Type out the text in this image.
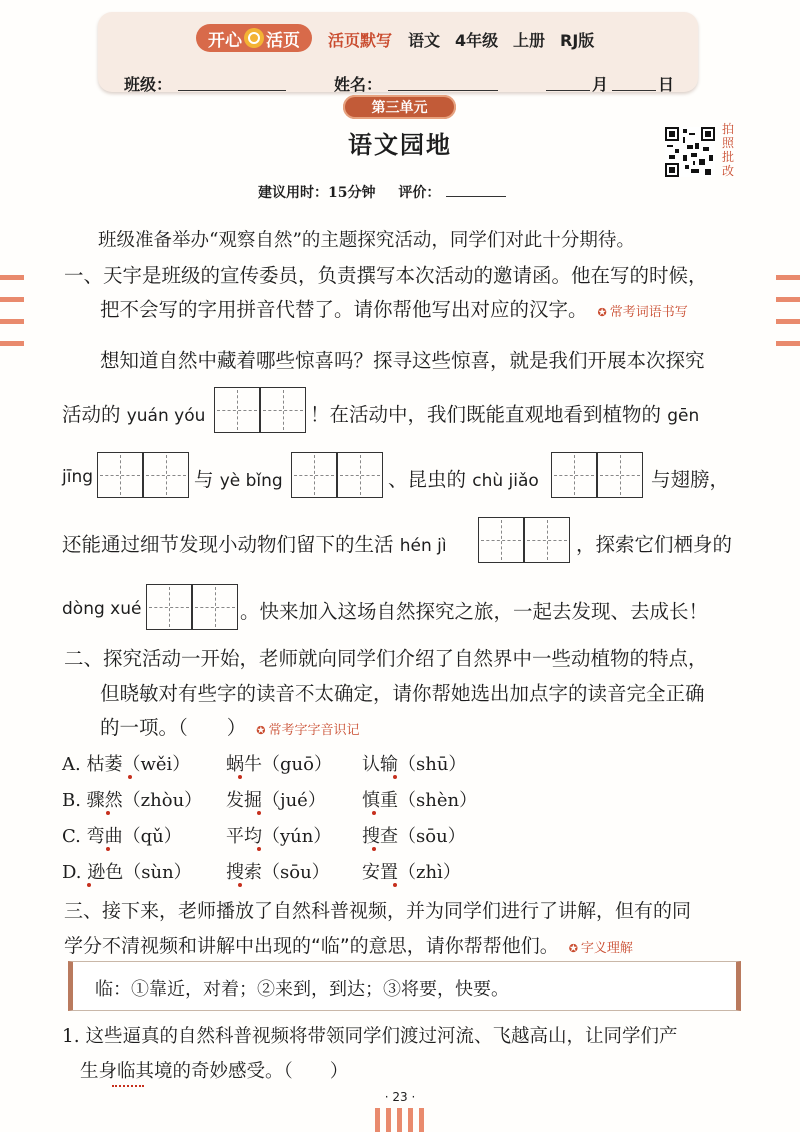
开心 活页 活页默写 语文 4年级 上册 RJ版
班级：	姓名：	月	日
第三单元
语文园地
拍照批改
建议用时：15分钟 评价：
班级准备举办“观察自然”的主题探究活动，同学们对此十分期待。
一、天宇是班级的宣传委员，负责撰写本次活动的邀请函。他在写的时候，
把不会写的字用拼音代替了。请你帮他写出对应的汉字。 ✪ 常考词语书写
想知道自然中藏着哪些惊喜吗？探寻这些惊喜，就是我们开展本次探究
活动的 yuán yóu	！在活动中，我们既能直观地看到植物的 gēn
jīng	与 yè bǐng	、昆虫的 chù jiǎo	与翅膀，
还能通过细节发现小动物们留下的生活 hén jì	，探索它们栖身的
dòng xué	。快来加入这场自然探究之旅，一起去发现、去成长！
二、探究活动一开始，老师就向同学们介绍了自然界中一些动植物的特点，
但晓敏对有些字的读音不太确定，请你帮她选出加点字的读音完全正确
的一项。（　　） ✪ 常考字字音识记
A. 枯萎（wěi） 蜗牛（guō） 认输（shū）
B. 骤然（zhòu） 发掘（jué） 慎重（shèn）
C. 弯曲（qǔ） 平均（yún） 搜查（sōu）
D. 逊色（sùn） 搜索（sōu） 安置（zhì）
三、接下来，老师播放了自然科普视频，并为同学们进行了讲解，但有的同
学分不清视频和讲解中出现的“临”的意思，请你帮帮他们。 ✪ 字义理解
临：①靠近，对着；②来到，到达；③将要，快要。
1. 这些逼真的自然科普视频将带领同学们渡过河流、飞越高山，让同学们产
生身临其境的奇妙感受。（　　）
· 23 ·
